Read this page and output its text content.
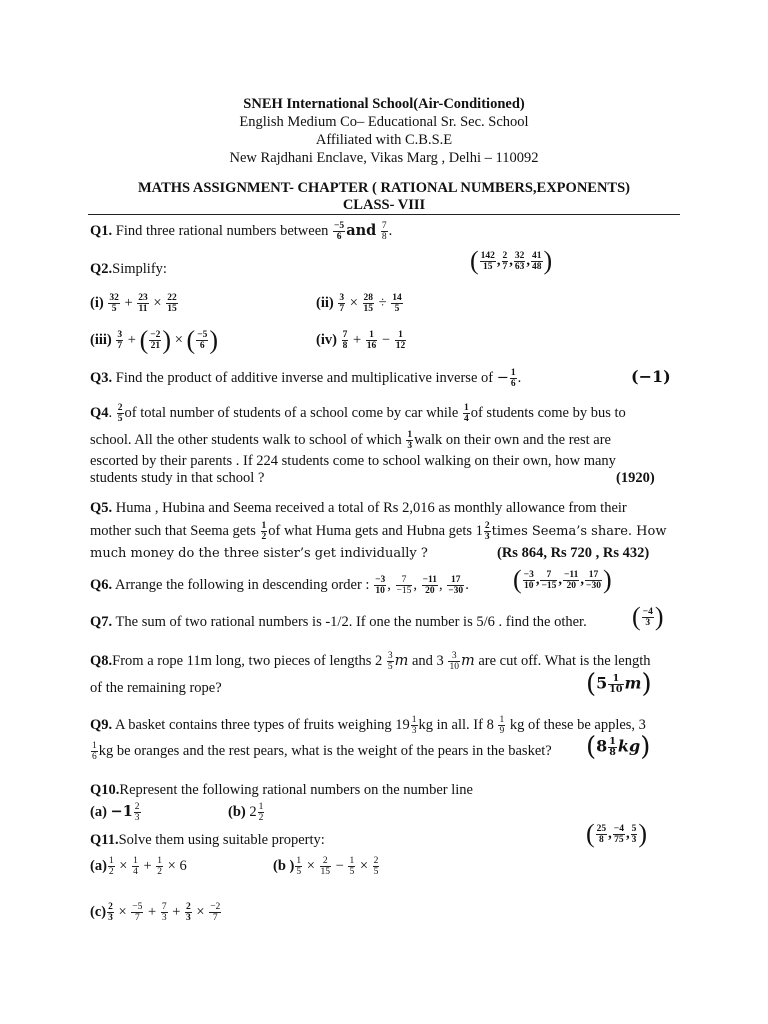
SNEH International School(Air-Conditioned)
English Medium Co– Educational Sr. Sec. School
Affiliated with C.B.S.E
New Rajdhani Enclave, Vikas Marg , Delhi – 110092
MATHS ASSIGNMENT- CHAPTER ( RATIONAL NUMBERS,EXPONENTS)
CLASS- VIII
Q1. Find three rational numbers between $\frac{-5}{6}$ and $\frac{7}{8}$ .
Q2.Simplify:	( $\frac{142}{15}$ , $\frac{2}{7}$ , $\frac{32}{63}$ , $\frac{41}{48}$ )
$(i) \frac{32}{5} + \frac{23}{11} \times \frac{22}{15}$	$(ii) \frac{3}{7} \times \frac{28}{15} \div \frac{14}{5}$
$(iii) \frac{3}{7}$ + ( $\frac{-2}{21}$ ) × ( $\frac{-5}{6}$ )	$(iv) \frac{7}{8} + \frac{1}{16} - \frac{1}{12}$
Q3. Find the product of additive inverse and multiplicative inverse of − $\frac{1}{6}$ .	(−1)
Q4. $\frac{2}{5}$ of total number of students of a school come by car while $\frac{1}{4}$ of students come by bus to
school. All the other students walk to school of which $\frac{1}{3}$ walk on their own and the rest are
escorted by their parents . If 224 students come to school walking on their own, how many
students study in that school ?	(1920)
Q5. Huma , Hubina and Seema received a total of Rs 2,016 as monthly allowance from their
mother such that Seema gets $\frac{1}{2}$ of what Huma gets and Hubna gets $1 \frac{2}{3}$ times Seema’s share. How
much money do the three sister’s get individually ?	(Rs 864, Rs 720 , Rs 432)
Q6. Arrange the following in descending order : $\frac{-3}{10}$ , $\frac{7}{-15}$ , $\frac{-11}{20}$ , $\frac{17}{-30}$ .	( $\frac{-3}{10}$ , $\frac{7}{-15}$ , $\frac{-11}{20}$ , $\frac{17}{-30}$ )
Q7. The sum of two rational numbers is -1/2. If one the number is 5/6 . find the other.	( $\frac{-4}{3}$ )
Q8.From a rope 11m long, two pieces of lengths $2 \frac{3}{5}$ m and $3 \frac{3}{10}$ m are cut off. What is the length
of the remaining rope?	$(5 \frac{1}{10} m)$
Q9. A basket contains three types of fruits weighing $19 \frac{1}{3}$ kg in all. If $8 \frac{1}{9}$ kg of these be apples, 3
$\frac{1}{6}$ kg be oranges and the rest pears, what is the weight of the pears in the basket?	$(8 \frac{1}{8} kg)$
Q10.Represent the following rational numbers on the number line
$(a) -1 \frac{2}{3}$	(b) $2 \frac{1}{2}$
Q11.Solve them using suitable property:	( $\frac{25}{8}$ , $\frac{-4}{75}$ , $\frac{5}{3}$ )
$(a) \frac{1}{2} \times \frac{1}{4} + \frac{1}{2} \times 6$	(b ) $\frac{1}{5} \times \frac{2}{15} - \frac{1}{5} \times \frac{2}{5}$
$(c) \frac{2}{3} \times \frac{-5}{7} + \frac{7}{3} + \frac{2}{3} \times \frac{-2}{7}$
